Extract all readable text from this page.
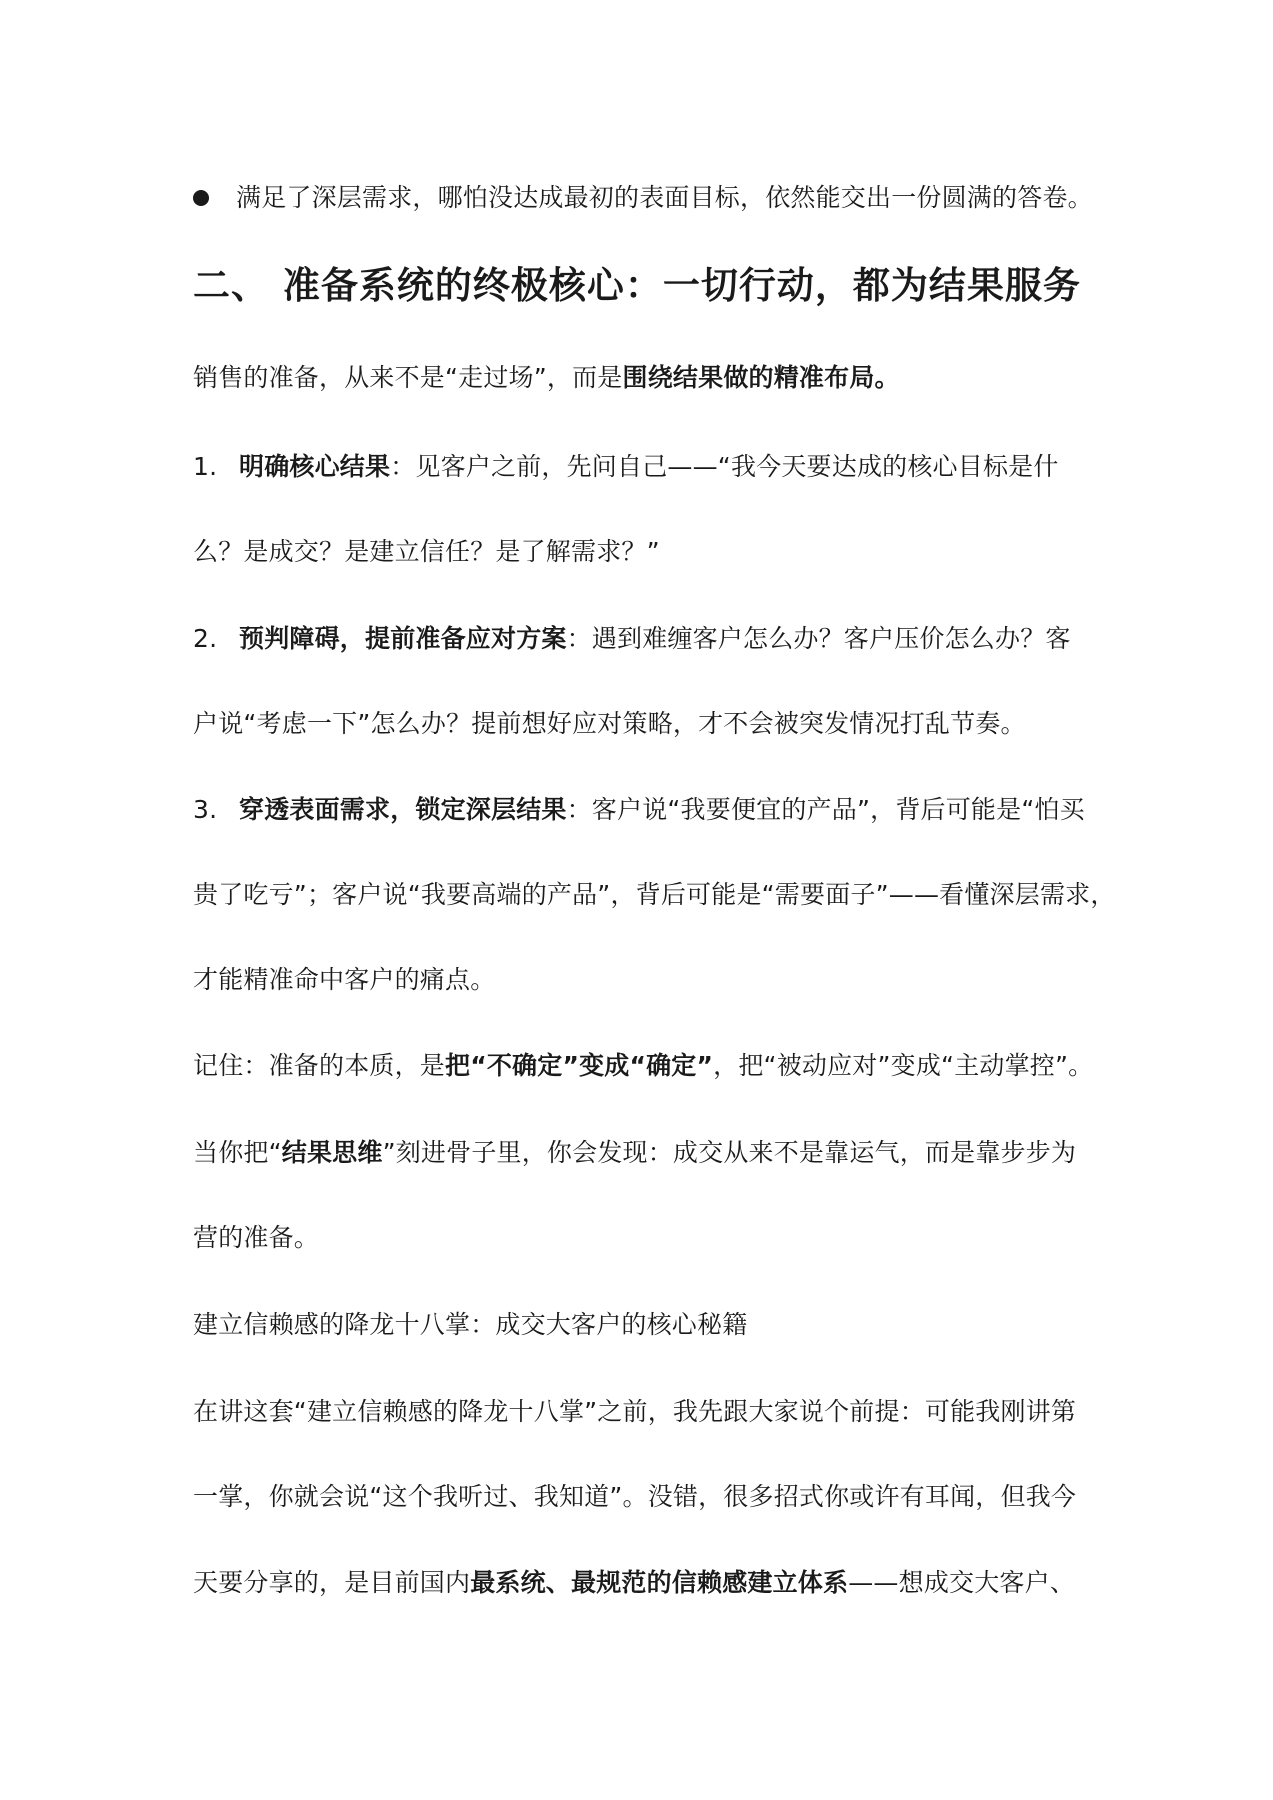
满足了深层需求，哪怕没达成最初的表面目标，依然能交出一份圆满的答卷。
二、 准备系统的终极核心：一切行动，都为结果服务
销售的准备，从来不是“走过场”，而是围绕结果做的精准布局。
1. 明确核心结果：见客户之前，先问自己——“我今天要达成的核心目标是什
么？是成交？是建立信任？是了解需求？”
2. 预判障碍，提前准备应对方案：遇到难缠客户怎么办？客户压价怎么办？客
户说“考虑一下”怎么办？提前想好应对策略，才不会被突发情况打乱节奏。
3. 穿透表面需求，锁定深层结果：客户说“我要便宜的产品”，背后可能是“怕买
贵了吃亏”；客户说“我要高端的产品”，背后可能是“需要面子”——看懂深层需求，
才能精准命中客户的痛点。
记住：准备的本质，是把“不确定”变成“确定”，把“被动应对”变成“主动掌控”。
当你把“结果思维”刻进骨子里，你会发现：成交从来不是靠运气，而是靠步步为
营的准备。
建立信赖感的降龙十八掌：成交大客户的核心秘籍
在讲这套“建立信赖感的降龙十八掌”之前，我先跟大家说个前提：可能我刚讲第
一掌，你就会说“这个我听过、我知道”。没错，很多招式你或许有耳闻，但我今
天要分享的，是目前国内最系统、最规范的信赖感建立体系——想成交大客户、
